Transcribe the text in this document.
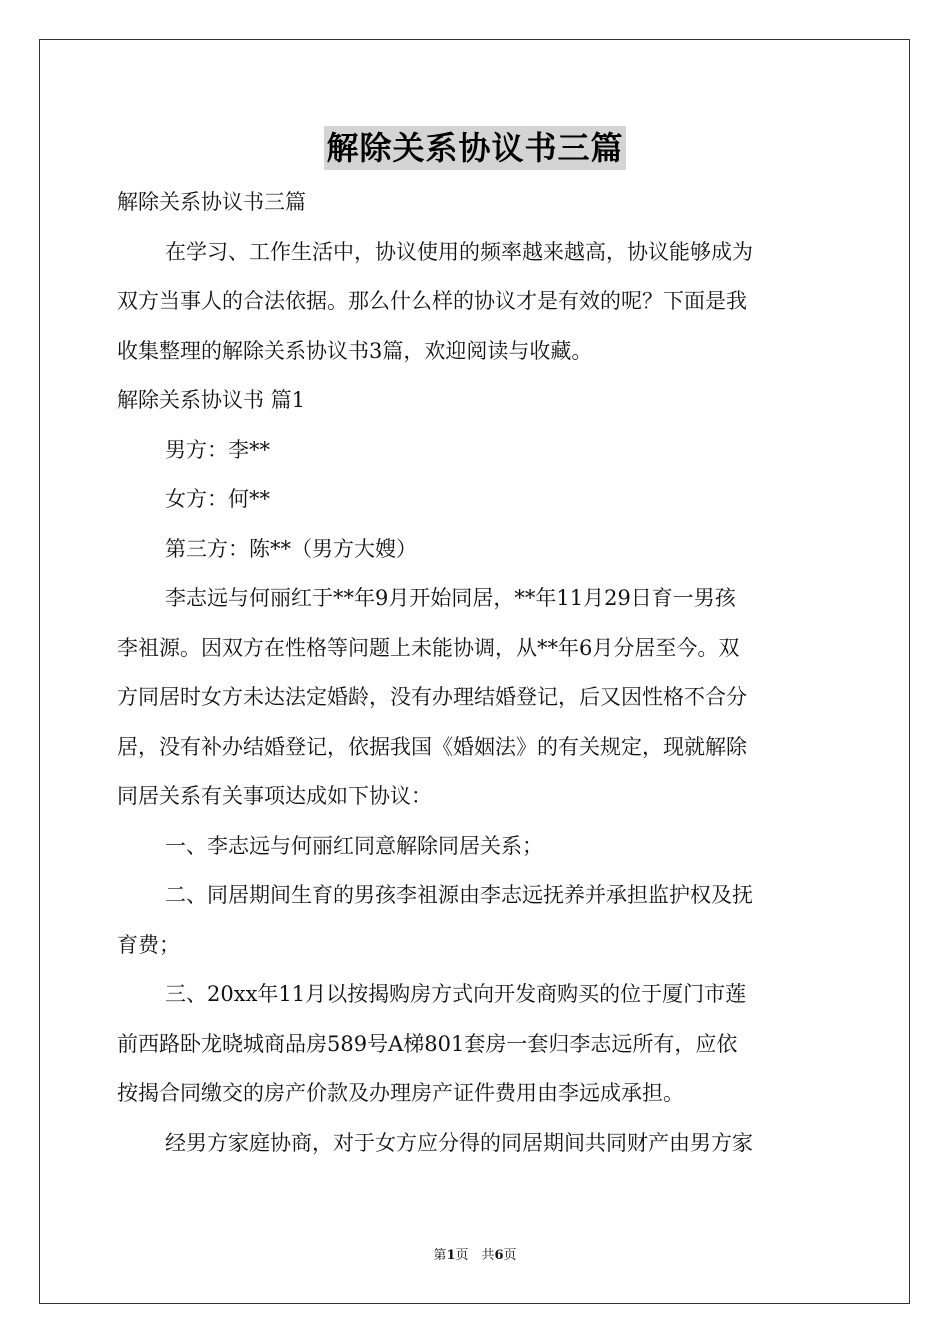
解除关系协议书三篇
解除关系协议书三篇
在学习、工作生活中，协议使用的频率越来越高，协议能够成为
双方当事人的合法依据。那么什么样的协议才是有效的呢？下面是我
收集整理的解除关系协议书3篇，欢迎阅读与收藏。
解除关系协议书 篇1
男方：李**
女方：何**
第三方：陈**（男方大嫂）
李志远与何丽红于**年9月开始同居，**年11月29日育一男孩
李祖源。因双方在性格等问题上未能协调，从**年6月分居至今。双
方同居时女方未达法定婚龄，没有办理结婚登记，后又因性格不合分
居，没有补办结婚登记，依据我国《婚姻法》的有关规定，现就解除
同居关系有关事项达成如下协议：
一、李志远与何丽红同意解除同居关系；
二、同居期间生育的男孩李祖源由李志远抚养并承担监护权及抚
育费；
三、20xx年11月以按揭购房方式向开发商购买的位于厦门市莲
前西路卧龙晓城商品房589号A梯801套房一套归李志远所有，应依
按揭合同缴交的房产价款及办理房产证件费用由李远成承担。
经男方家庭协商，对于女方应分得的同居期间共同财产由男方家
第1页　共6页
